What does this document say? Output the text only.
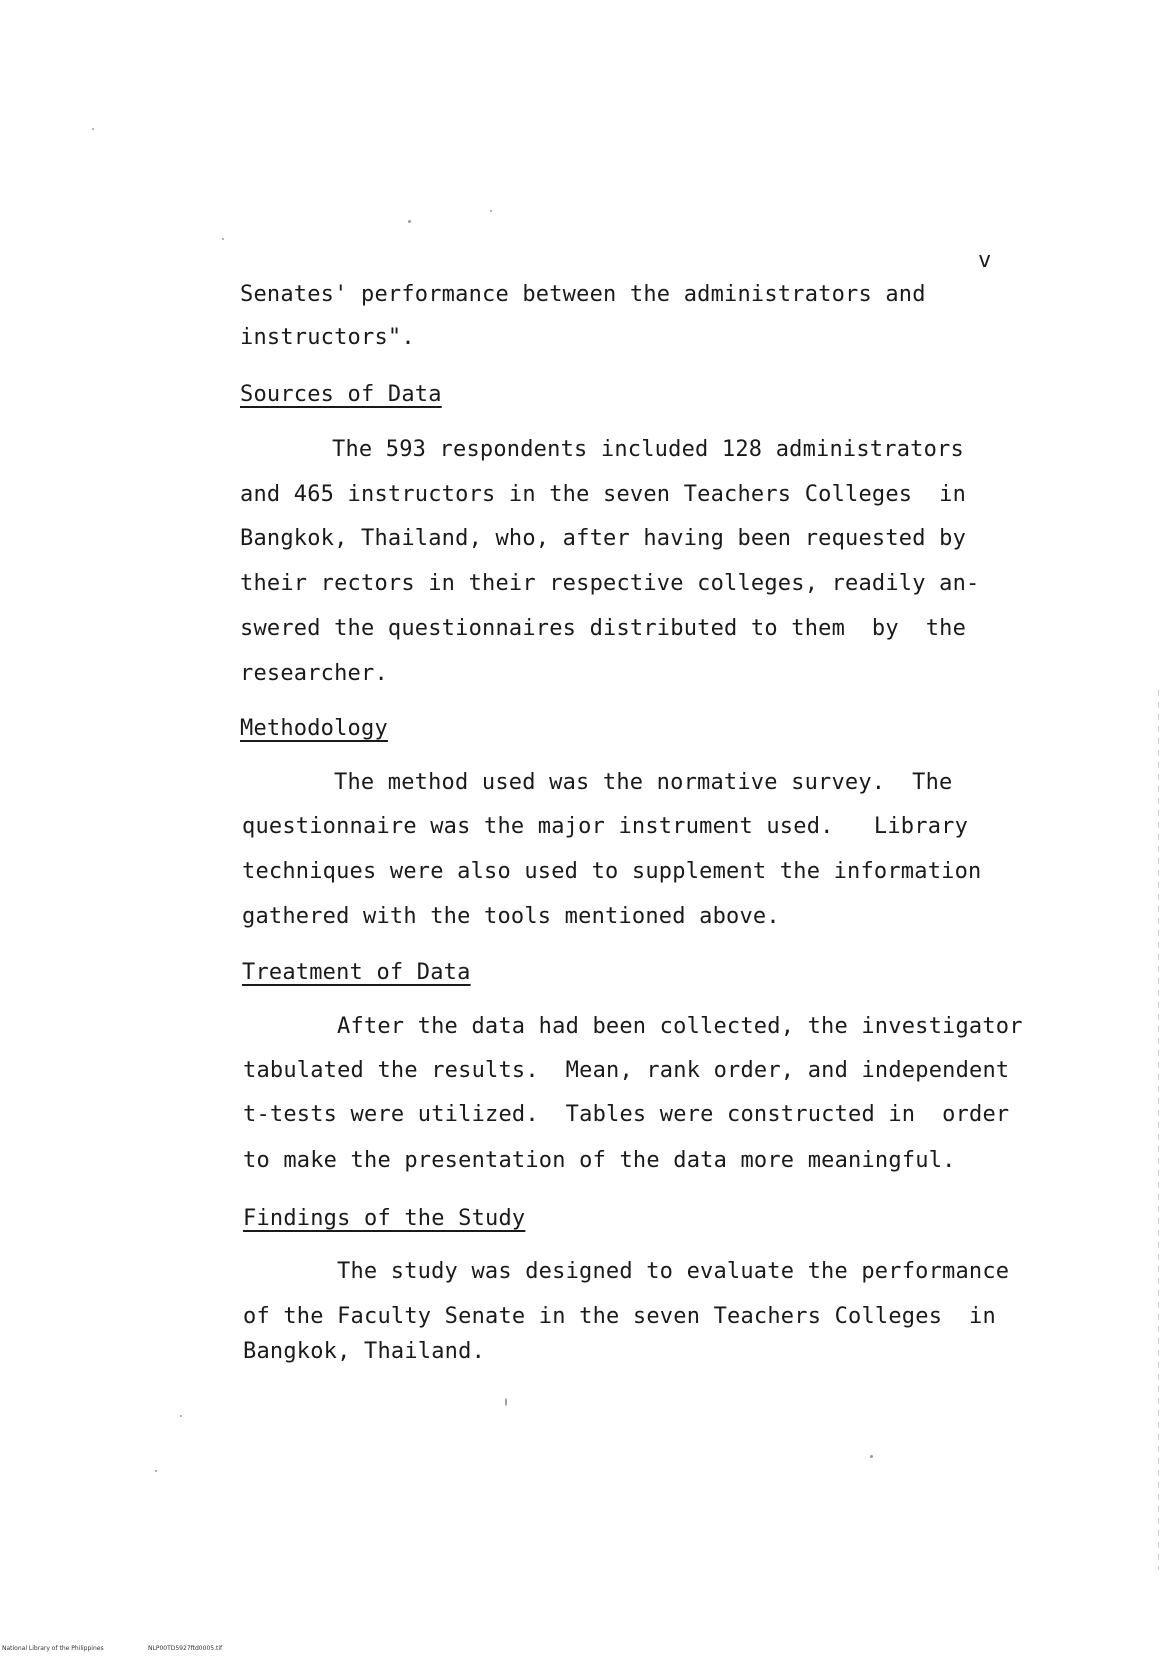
v
Senates' performance between the administrators and
instructors".
Sources of Data
The 593 respondents included 128 administrators
and 465 instructors in the seven Teachers Colleges  in
Bangkok, Thailand, who, after having been requested by
their rectors in their respective colleges, readily an-
swered the questionnaires distributed to them  by  the
researcher.
Methodology
The method used was the normative survey.  The
questionnaire was the major instrument used.   Library
techniques were also used to supplement the information
gathered with the tools mentioned above.
Treatment of Data
After the data had been collected, the investigator
tabulated the results.  Mean, rank order, and independent
t-tests were utilized.  Tables were constructed in  order
to make the presentation of the data more meaningful.
Findings of the Study
The study was designed to evaluate the performance
of the Faculty Senate in the seven Teachers Colleges  in
Bangkok, Thailand.
National Library of the Philippines	NLP00TD5927ftd0005.tif
